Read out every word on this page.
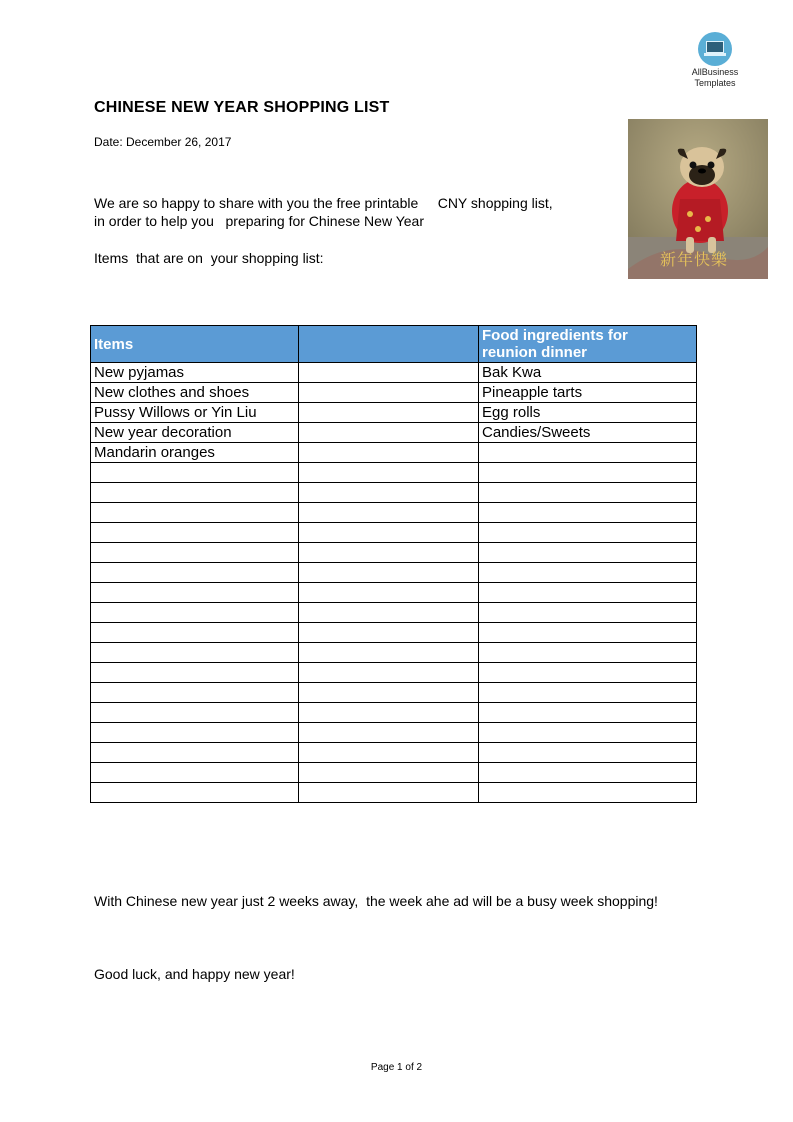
AllBusiness
Templates
CHINESE NEW YEAR SHOPPING LIST
Date: December 26, 2017
We are so happy to share with you the free printable     CNY shopping list,
in order to help you   preparing for Chinese New Year
Items  that are on  your shopping list:	新年快樂
Items		Food ingredients for
reunion dinner
New pyjamas		Bak Kwa
New clothes and shoes		Pineapple tarts
Pussy Willows or Yin Liu		Egg rolls
New year decoration		Candies/Sweets
Mandarin oranges		

With Chinese new year just 2 weeks away,  the week ahe ad will be a busy week shopping!
Good luck, and happy new year!
Page 1 of 2
